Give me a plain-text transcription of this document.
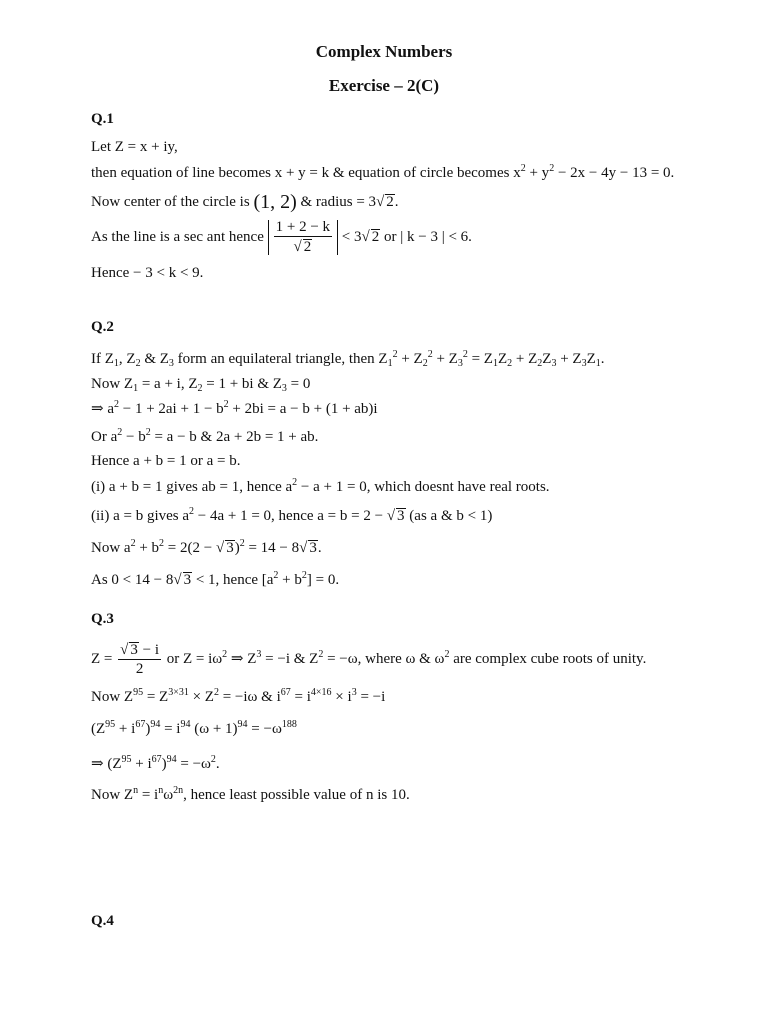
Complex Numbers
Exercise – 2(C)
Q.1
Let Z = x + iy,
then equation of line becomes x + y = k & equation of circle becomes $x^2 + y^2 - 2x - 4y - 13 = 0$.
Now center of the circle is (1, 2) & radius = 3√ 2.
As the line is a sec ant hence $\frac{1 + 2 - k}{√ 2} < 3√$ 2 or | k − 3 | < 6.
Hence − 3 < k < 9.
Q.2
If $Z_1$, $Z_2$ & $Z_3$ form an equilateral triangle, then $Z_1^2 + Z_2^2 + Z_3^2 = Z_1Z_2 + Z_2Z_3 + Z_3Z_1$.
Now $Z_1 = a + i$, $Z_2 = 1$ + bi & $Z_3 = 0$
⇒ $a^2 - 1 + 2ai + 1 - b^2 + 2bi = a - b + (1 + ab)i$
Or $a^2 - b^2 = a - b$ & 2a + 2b = 1 + ab.
Hence a + b = 1 or a = b.
(i) a + b = 1 gives ab = 1, hence $a^2 - a + 1 = 0$, which doesnt have real roots.
(ii) a = b gives $a^2 - 4a + 1 = 0$, hence a = b = 2 − √ 3 (as a & b < 1)
Now $a^2 + b^2 = 2(2$ − √ 3)$^2$ = 14 − 8√ 3.
As 0 < 14 − 8√ 3 < 1, hence $[a^2 + b^2] = 0$.
Q.3
$Z = \frac{√ 3 - i}{2}$ or $Z = i\omega^2$ ⇒ $Z^3 = -i$ & $Z^2 = -\omega$, where ω & $\omega^2$ are complex cube roots of unity.
Now $Z^{95} = Z^{3\times 31} \times Z^2 = -i\omega$ & $i^{67} = i^{4\times 16} \times i^3 = -i$
$(Z^{95} + i^{67})^{94} = i^{94}$ $(\omega + 1)^{94} = -\omega^{188}$
⇒ $(Z^{95} + i^{67})^{94} = -\omega^2$.
Now $Z^n = i^n\omega^{2n}$, hence least possible value of n is 10.
Q.4
